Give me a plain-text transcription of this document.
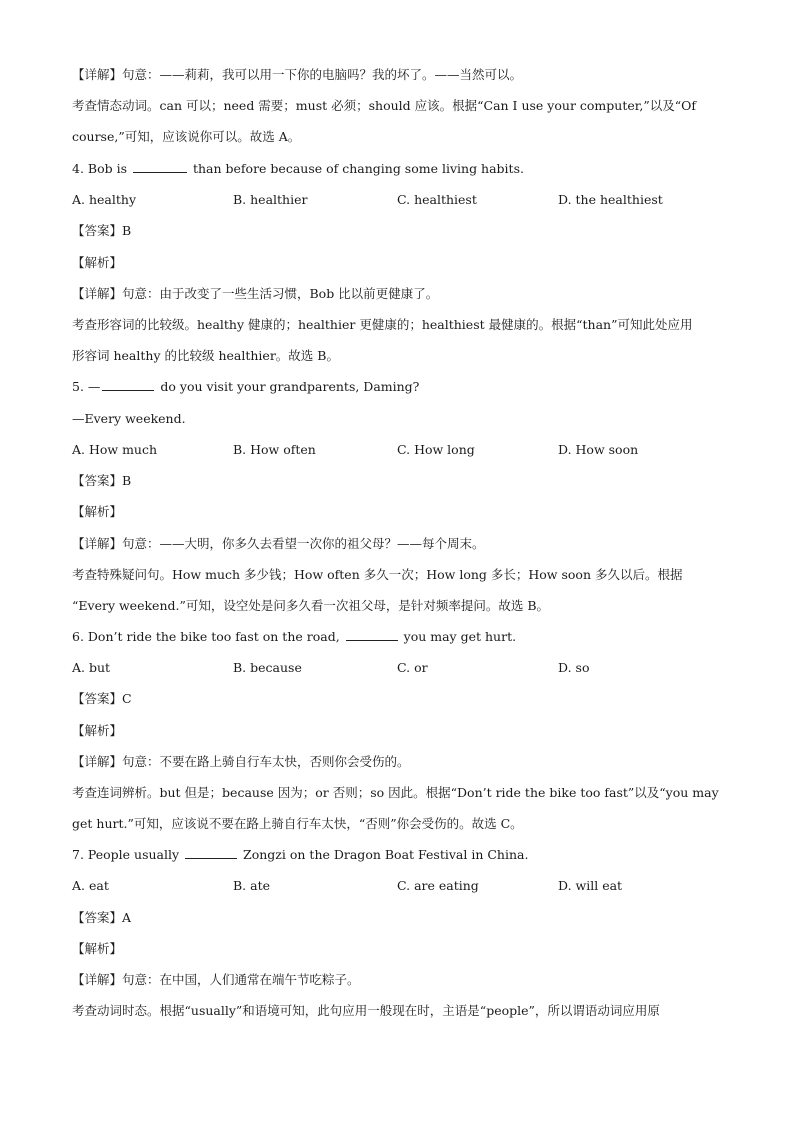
【详解】句意：——莉莉，我可以用一下你的电脑吗？我的坏了。——当然可以。
考查情态动词。can 可以；need 需要；must 必须；should 应该。根据“Can I use your computer,”以及“Of
course,”可知，应该说你可以。故选 A。
4. Bob is	than before because of changing some living habits.
A. healthy	B. healthier	C. healthiest	D. the healthiest
【答案】B
【解析】
【详解】句意：由于改变了一些生活习惯，Bob 比以前更健康了。
考查形容词的比较级。healthy 健康的；healthier 更健康的；healthiest 最健康的。根据“than”可知此处应用
形容词 healthy 的比较级 healthier。故选 B。
5. —	do you visit your grandparents, Daming?
—Every weekend.
A. How much	B. How often	C. How long	D. How soon
【答案】B
【解析】
【详解】句意：——大明，你多久去看望一次你的祖父母？——每个周末。
考查特殊疑问句。How much 多少钱；How often 多久一次；How long 多长；How soon 多久以后。根据
“Every weekend.”可知，设空处是问多久看一次祖父母，是针对频率提问。故选 B。
6. Don’t ride the bike too fast on the road,	you may get hurt.
A. but	B. because	C. or	D. so
【答案】C
【解析】
【详解】句意：不要在路上骑自行车太快，否则你会受伤的。
考查连词辨析。but 但是；because 因为；or 否则；so 因此。根据“Don’t ride the bike too fast”以及“you may
get hurt.”可知，应该说不要在路上骑自行车太快，“否则”你会受伤的。故选 C。
7. People usually	Zongzi on the Dragon Boat Festival in China.
A. eat	B. ate	C. are eating	D. will eat
【答案】A
【解析】
【详解】句意：在中国，人们通常在端午节吃粽子。
考查动词时态。根据“usually”和语境可知，此句应用一般现在时，主语是“people”，所以谓语动词应用原
